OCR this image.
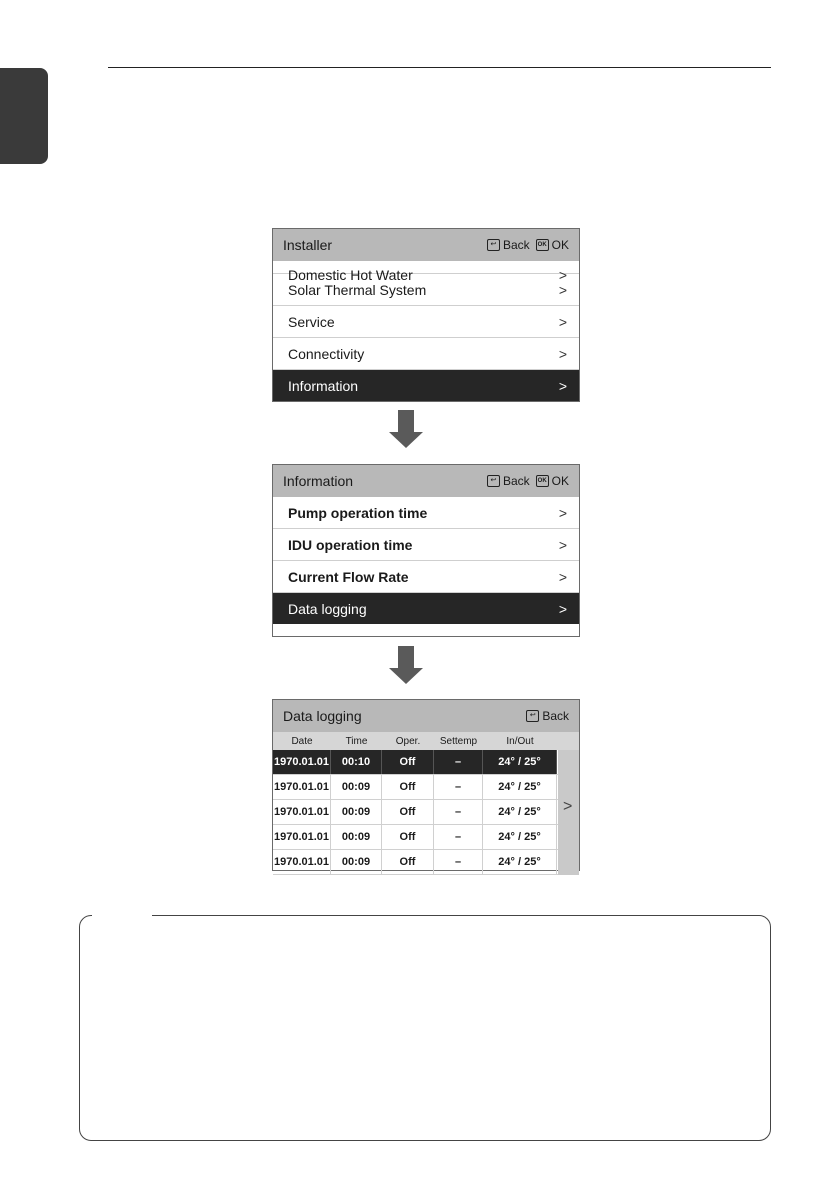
Installer	↩ Back	OK OK
Domestic Hot Water	>
Solar Thermal System	>
Service	>
Connectivity	>
Information	>
Information	↩ Back	OK OK
Pump operation time	>
IDU operation time	>
Current Flow Rate	>
Data logging	>
Data logging	↩ Back
Date	Time	Oper.	Settemp	In/Out
1970.01.01	00:10	Off	–	24° / 25°
1970.01.01	00:09	Off	–	24° / 25°
1970.01.01	00:09	Off	–	24° / 25°
1970.01.01	00:09	Off	–	24° / 25°
1970.01.01	00:09	Off	–	24° / 25°
>
